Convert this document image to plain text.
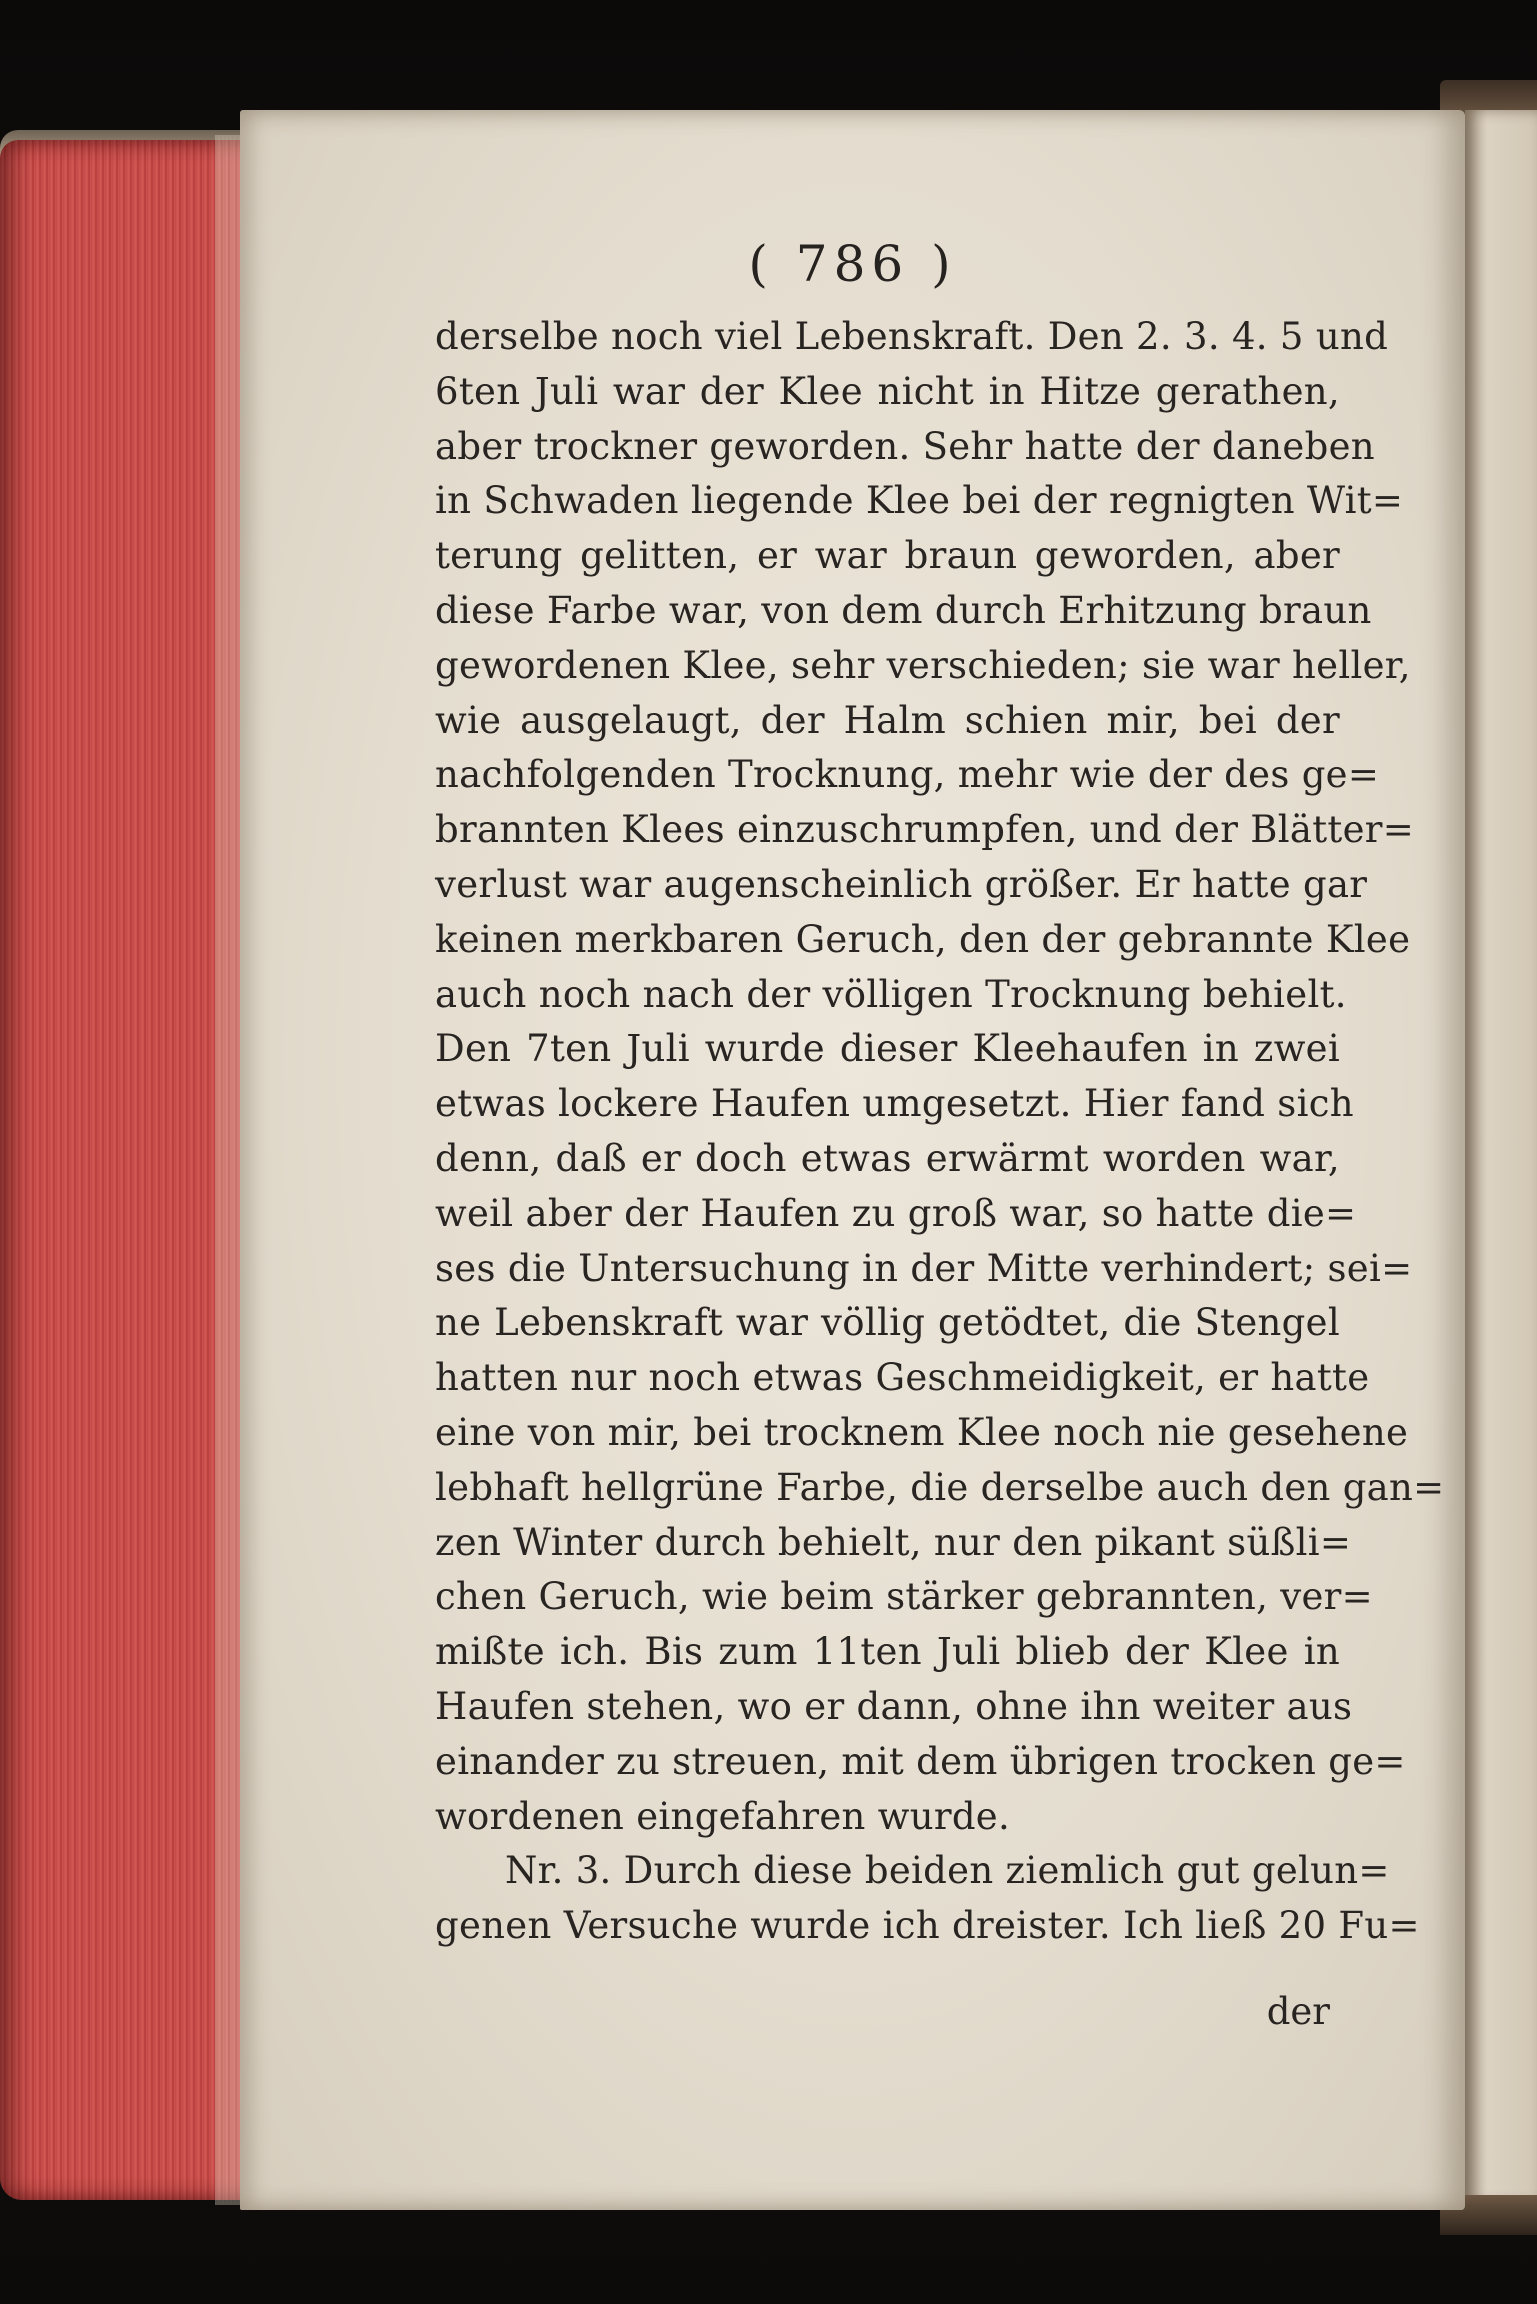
( 786 )
derselbe noch viel Lebenskraft. Den 2. 3. 4. 5 und
6ten Juli war der Klee nicht in Hitze gerathen,
aber trockner geworden. Sehr hatte der daneben
in Schwaden liegende Klee bei der regnigten Wit=
terung gelitten, er war braun geworden, aber
diese Farbe war, von dem durch Erhitzung braun
gewordenen Klee, sehr verschieden; sie war heller,
wie ausgelaugt, der Halm schien mir, bei der
nachfolgenden Trocknung, mehr wie der des ge=
brannten Klees einzuschrumpfen, und der Blätter=
verlust war augenscheinlich größer. Er hatte gar
keinen merkbaren Geruch, den der gebrannte Klee
auch noch nach der völligen Trocknung behielt.
Den 7ten Juli wurde dieser Kleehaufen in zwei
etwas lockere Haufen umgesetzt. Hier fand sich
denn, daß er doch etwas erwärmt worden war,
weil aber der Haufen zu groß war, so hatte die=
ses die Untersuchung in der Mitte verhindert; sei=
ne Lebenskraft war völlig getödtet, die Stengel
hatten nur noch etwas Geschmeidigkeit, er hatte
eine von mir, bei trocknem Klee noch nie gesehene
lebhaft hellgrüne Farbe, die derselbe auch den gan=
zen Winter durch behielt, nur den pikant süßli=
chen Geruch, wie beim stärker gebrannten, ver=
mißte ich. Bis zum 11ten Juli blieb der Klee in
Haufen stehen, wo er dann, ohne ihn weiter aus
einander zu streuen, mit dem übrigen trocken ge=
wordenen eingefahren wurde.
Nr. 3. Durch diese beiden ziemlich gut gelun=
genen Versuche wurde ich dreister. Ich ließ 20 Fu=
der
